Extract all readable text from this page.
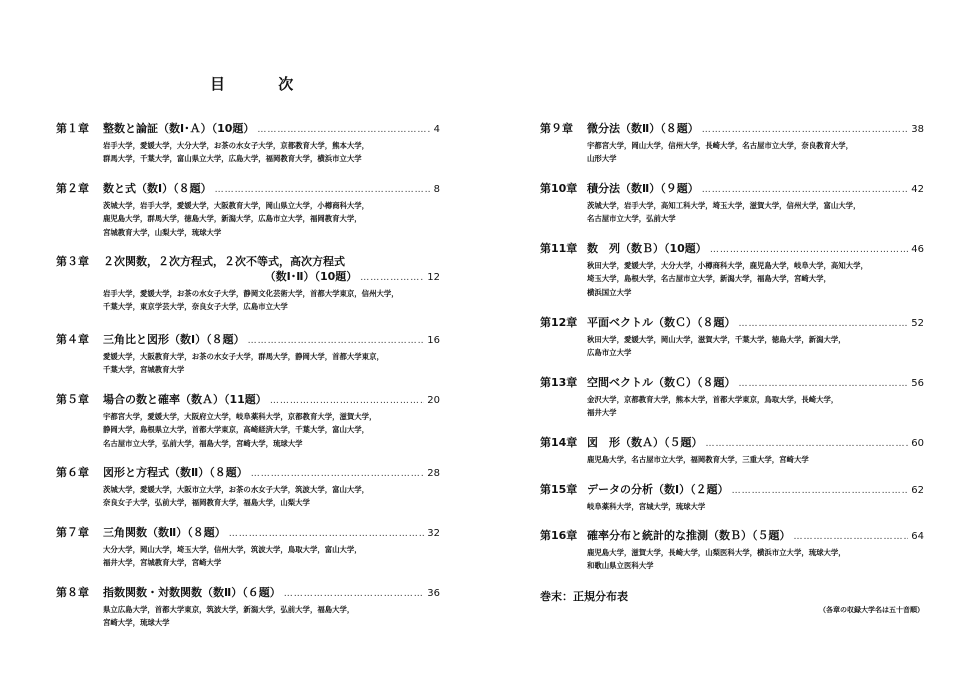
目 次
第１章	整数と論証（数Ⅰ･Ａ）（10題） ……………………………………………………………………………………………………………………………………	4
岩手大学，愛媛大学，大分大学，お茶の水女子大学，京都教育大学，熊本大学，
群馬大学，千葉大学，富山県立大学，広島大学，福岡教育大学，横浜市立大学
第２章	数と式（数Ⅰ）（８題） ……………………………………………………………………………………………………………………………………	8
茨城大学，岩手大学，愛媛大学，大阪教育大学，岡山県立大学，小樽商科大学，
鹿児島大学，群馬大学，徳島大学，新潟大学，広島市立大学，福岡教育大学，
宮城教育大学，山梨大学，琉球大学
第３章	２次関数，２次方程式，２次不等式，高次方程式
（数Ⅰ･Ⅱ）（10題） ……………………………………………………………………………………………………………………………………	12
岩手大学，愛媛大学，お茶の水女子大学，静岡文化芸術大学，首都大学東京，信州大学，
千葉大学，東京学芸大学，奈良女子大学，広島市立大学
第４章	三角比と図形（数Ⅰ）（８題） ……………………………………………………………………………………………………………………………………	16
愛媛大学，大阪教育大学，お茶の水女子大学，群馬大学，静岡大学，首都大学東京，
千葉大学，宮城教育大学
第５章	場合の数と確率（数Ａ）（11題） ……………………………………………………………………………………………………………………………………	20
宇都宮大学，愛媛大学，大阪府立大学，岐阜薬科大学，京都教育大学，滋賀大学，
静岡大学，島根県立大学，首都大学東京，高崎経済大学，千葉大学，富山大学，
名古屋市立大学，弘前大学，福島大学，宮崎大学，琉球大学
第６章	図形と方程式（数Ⅱ）（８題） ……………………………………………………………………………………………………………………………………	28
茨城大学，愛媛大学，大阪市立大学，お茶の水女子大学，筑波大学，富山大学，
奈良女子大学，弘前大学，福岡教育大学，福島大学，山梨大学
第７章	三角関数（数Ⅱ）（８題） ……………………………………………………………………………………………………………………………………	32
大分大学，岡山大学，埼玉大学，信州大学，筑波大学，鳥取大学，富山大学，
福井大学，宮城教育大学，宮崎大学
第８章	指数関数・対数関数（数Ⅱ）（６題） ……………………………………………………………………………………………………………………………………	36
県立広島大学，首都大学東京，筑波大学，新潟大学，弘前大学，福島大学，
宮崎大学，琉球大学
巻末：正規分布表
（各章の収録大学名は五十音順）
第９章	微分法（数Ⅱ）（８題） ……………………………………………………………………………………………………………………………………	38
宇都宮大学，岡山大学，信州大学，長崎大学，名古屋市立大学，奈良教育大学，
山形大学
第10章 積分法（数Ⅱ）（９題） ……………………………………………………………………………………………………………………………………	42
茨城大学，岩手大学，高知工科大学，埼玉大学，滋賀大学，信州大学，富山大学，
名古屋市立大学，弘前大学
第11章 数　列（数Ｂ）（10題） ……………………………………………………………………………………………………………………………………	46
秋田大学，愛媛大学，大分大学，小樽商科大学，鹿児島大学，岐阜大学，高知大学，
埼玉大学，島根大学，名古屋市立大学，新潟大学，福島大学，宮崎大学，
横浜国立大学
第12章 平面ベクトル（数Ｃ）（８題） ……………………………………………………………………………………………………………………………………	52
秋田大学，愛媛大学，岡山大学，滋賀大学，千葉大学，徳島大学，新潟大学，
広島市立大学
第13章 空間ベクトル（数Ｃ）（８題） ……………………………………………………………………………………………………………………………………	56
金沢大学，京都教育大学，熊本大学，首都大学東京，鳥取大学，長崎大学，
福井大学
第14章 図　形（数Ａ）（５題） ……………………………………………………………………………………………………………………………………	60
鹿児島大学，名古屋市立大学，福岡教育大学，三重大学，宮崎大学
第15章 データの分析（数Ⅰ）（２題） ……………………………………………………………………………………………………………………………………	62
岐阜薬科大学，宮城大学，琉球大学
第16章 確率分布と統計的な推測（数Ｂ）（５題） ……………………………………………………………………………………………………………………………………	64
鹿児島大学，滋賀大学，長崎大学，山梨医科大学，横浜市立大学，琉球大学，
和歌山県立医科大学
